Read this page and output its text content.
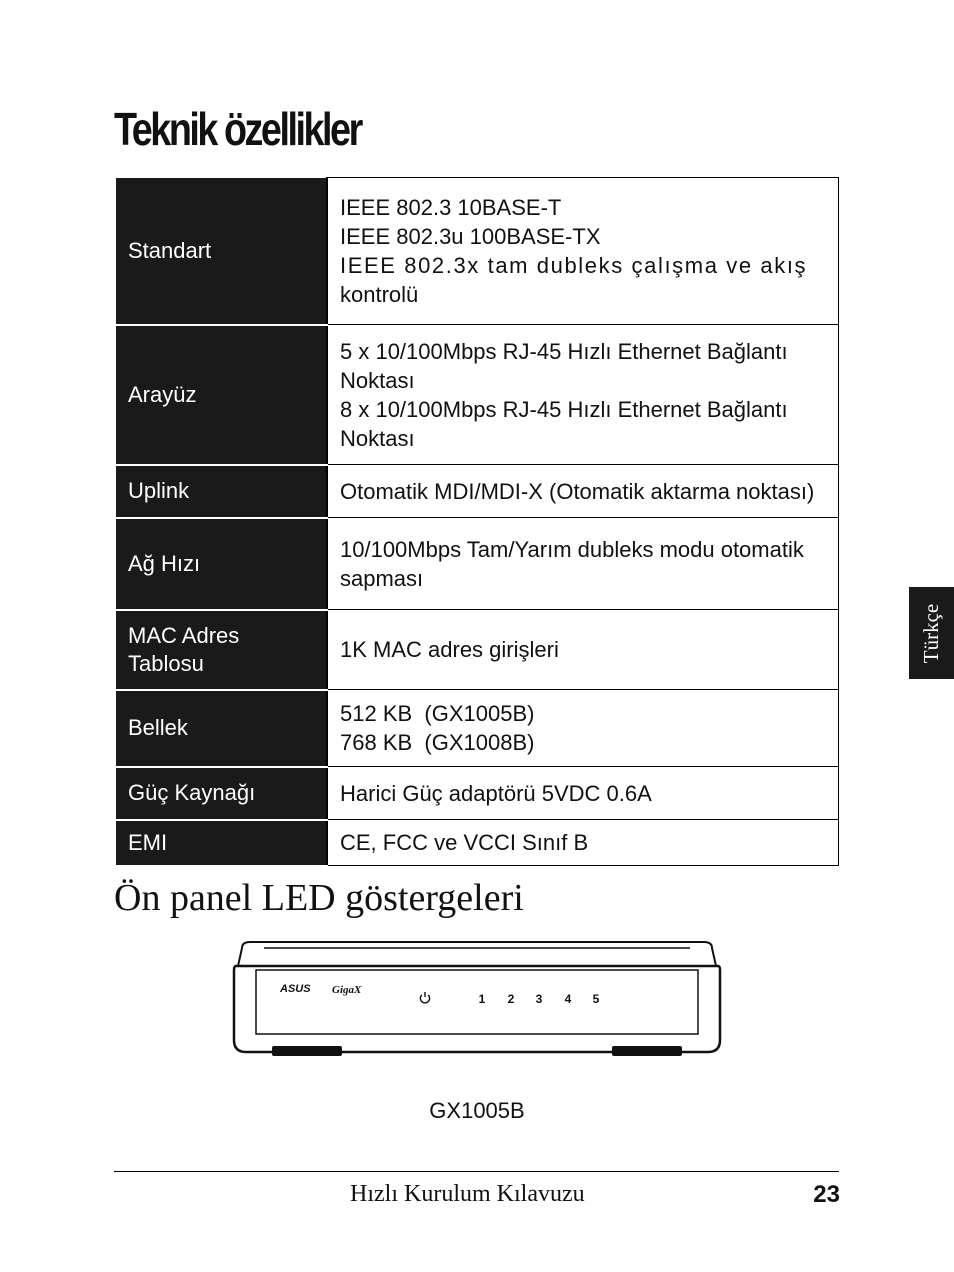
Teknik özellikler
Standart	IEEE 802.3 10BASE-T
IEEE 802.3u 100BASE-TX
IEEE 802.3x tam dubleks çalışma ve akış
kontrolü

Arayüz	5 x 10/100Mbps RJ-45 Hızlı Ethernet Bağlantı
Noktası
8 x 10/100Mbps RJ-45 Hızlı Ethernet Bağlantı
Noktası

Uplink	Otomatik MDI/MDI-X (Otomatik aktarma noktası)

Ağ Hızı	10/100Mbps Tam/Yarım dubleks modu otomatik
sapması

MAC Adres
Tablosu	1K MAC adres girişleri

Bellek	512 KB  (GX1005B)
768 KB  (GX1008B)

Güç Kaynağı	Harici Güç adaptörü 5VDC 0.6A

EMI	CE, FCC ve VCCI Sınıf B
Ön panel LED göstergeleri
ASUS GigaX
1 2 3 4 5
GX1005B
Hızlı Kurulum Kılavuzu	23
Türkçe
